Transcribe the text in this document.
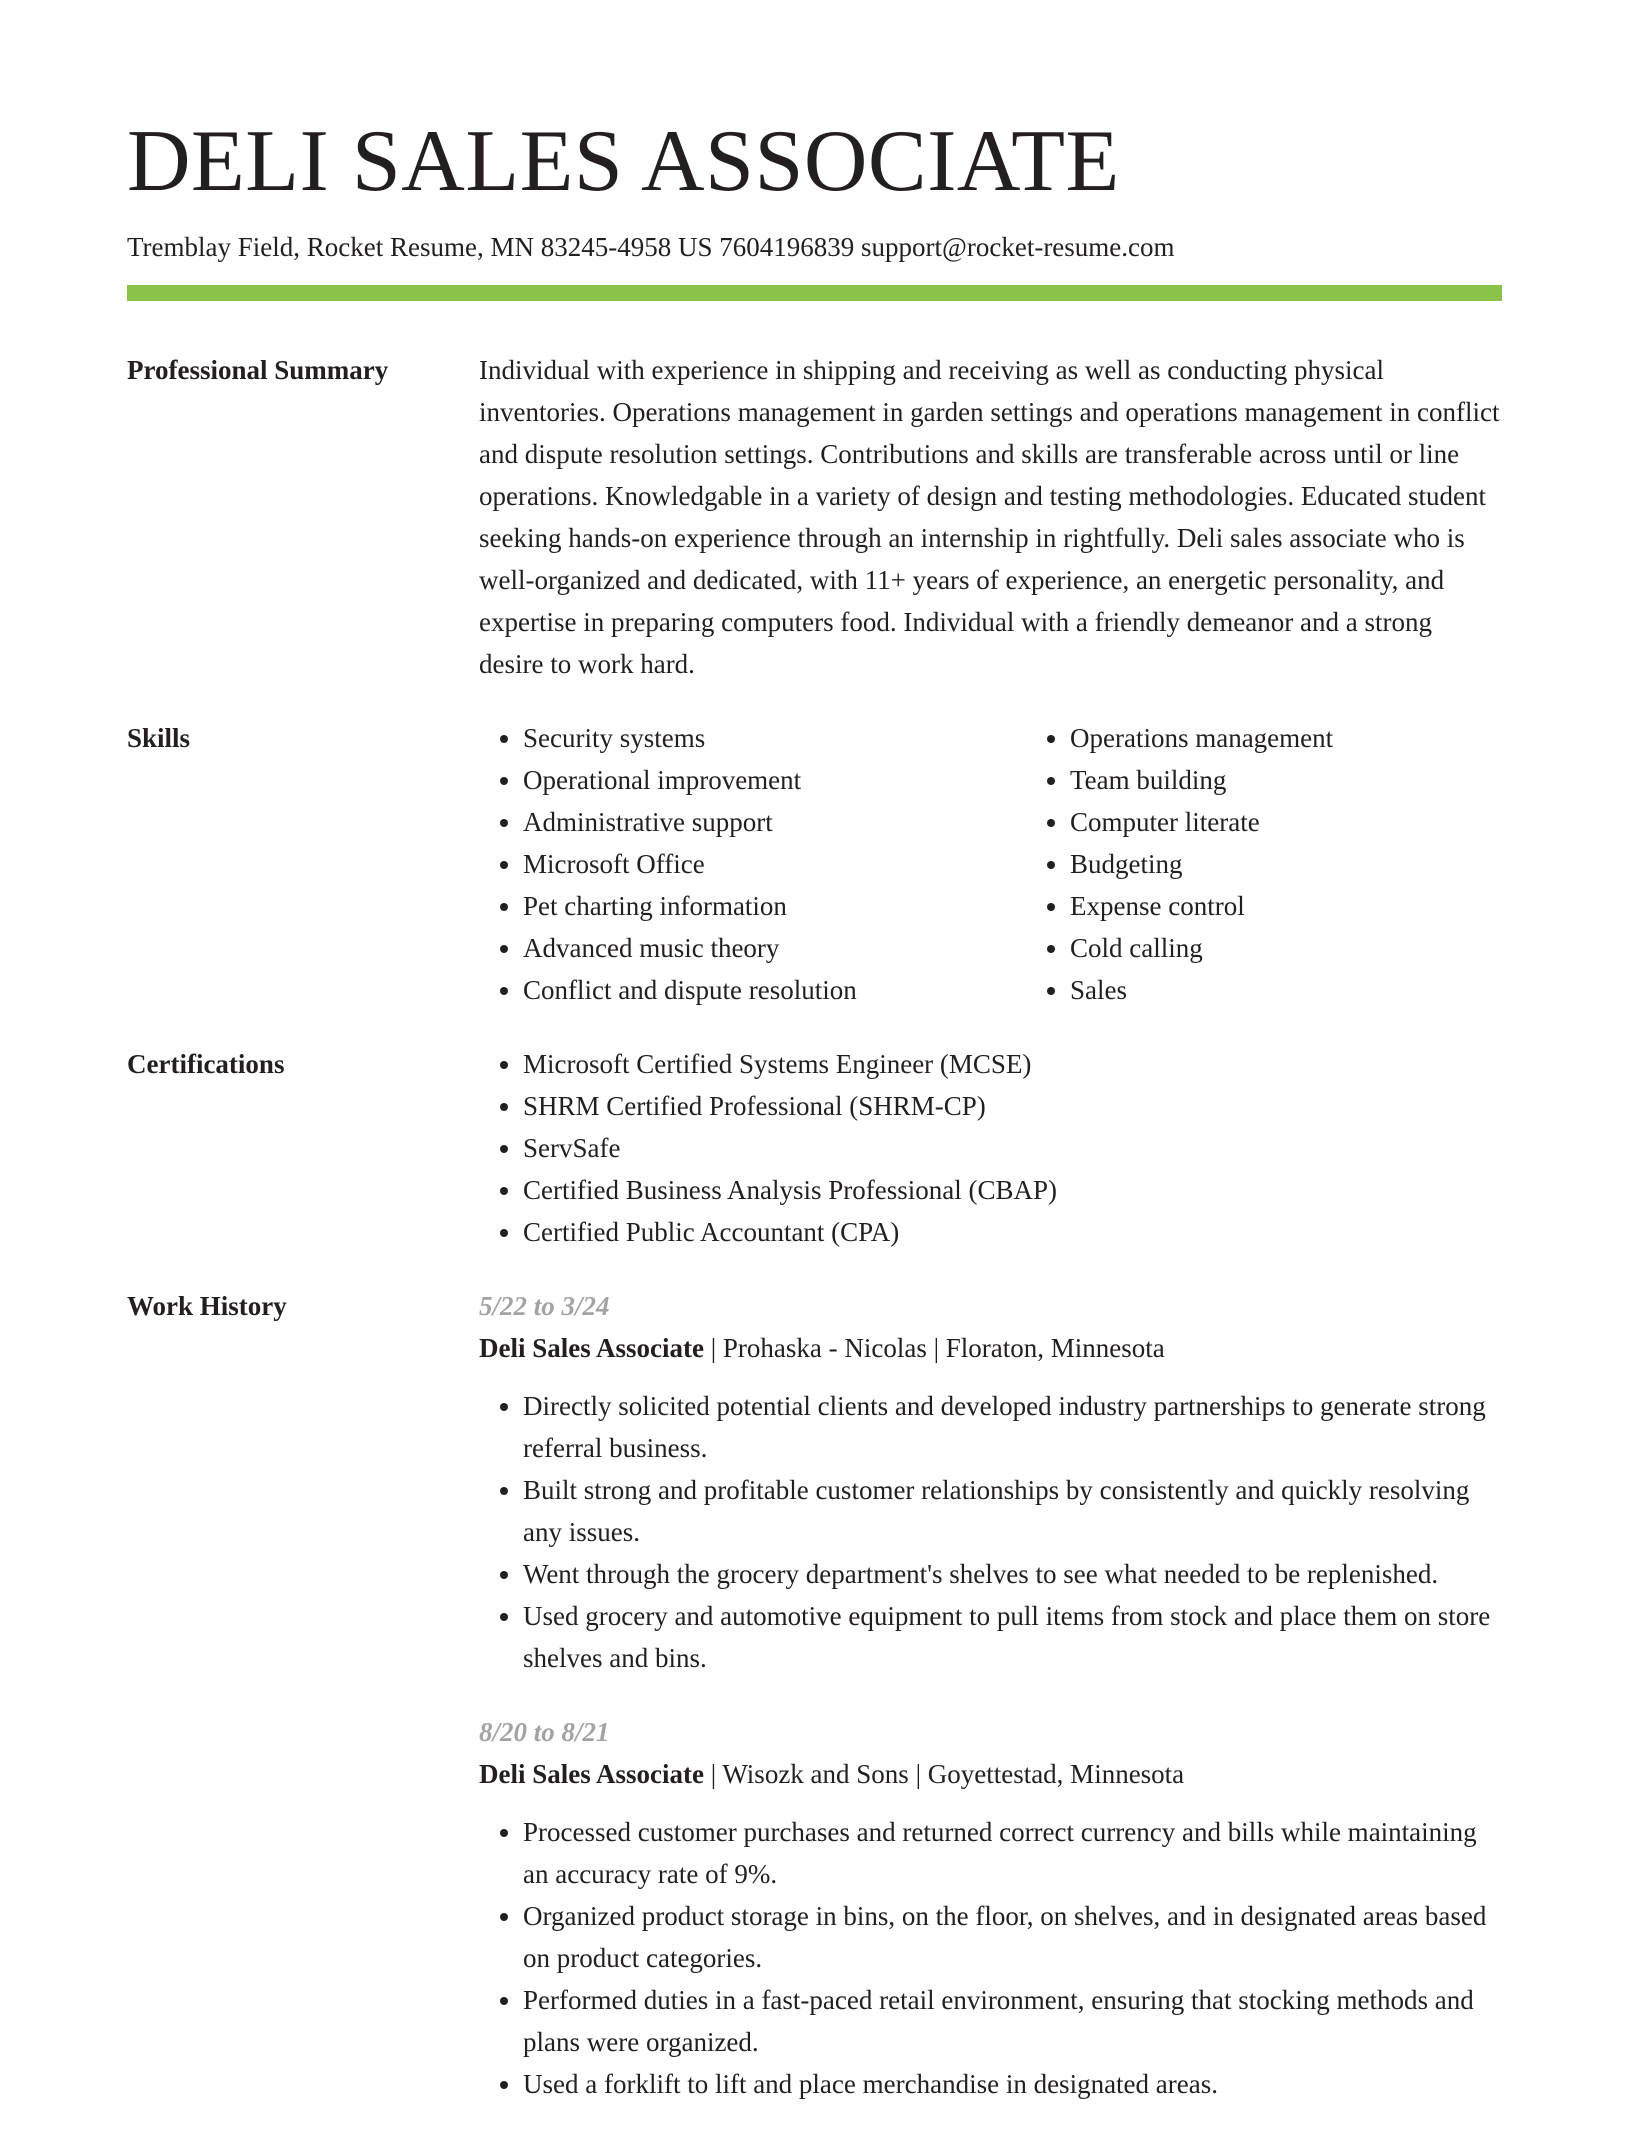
DELI SALES ASSOCIATE
Tremblay Field, Rocket Resume, MN 83245-4958 US 7604196839 support@rocket-resume.com
Professional Summary	Individual with experience in shipping and receiving as well as conducting physical inventories. Operations management in garden settings and operations management in conflict and dispute resolution settings. Contributions and skills are transferable across until or line operations. Knowledgable in a variety of design and testing methodologies. Educated student seeking hands-on experience through an internship in rightfully. Deli sales associate who is well-organized and dedicated, with 11+ years of experience, an energetic personality, and expertise in preparing computers food. Individual with a friendly demeanor and a strong desire to work hard.

Skills	• Security systems
• Operational improvement
• Administrative support
• Microsoft Office
• Pet charting information
• Advanced music theory
• Conflict and dispute resolution
• Operations management
• Team building
• Computer literate
• Budgeting
• Expense control
• Cold calling
• Sales
Certifications	• Microsoft Certified Systems Engineer (MCSE)
• SHRM Certified Professional (SHRM-CP)
• ServSafe
• Certified Business Analysis Professional (CBAP)
• Certified Public Accountant (CPA)
Work History	5/22 to 3/24
Deli Sales Associate | Prohaska - Nicolas | Floraton, Minnesota
• Directly solicited potential clients and developed industry partnerships to generate strong referral business.
• Built strong and profitable customer relationships by consistently and quickly resolving any issues.
• Went through the grocery department's shelves to see what needed to be replenished.
• Used grocery and automotive equipment to pull items from stock and place them on store shelves and bins.
8/20 to 8/21
Deli Sales Associate | Wisozk and Sons | Goyettestad, Minnesota
• Processed customer purchases and returned correct currency and bills while maintaining an accuracy rate of 9%.
• Organized product storage in bins, on the floor, on shelves, and in designated areas based on product categories.
• Performed duties in a fast-paced retail environment, ensuring that stocking methods and plans were organized.
• Used a forklift to lift and place merchandise in designated areas.
